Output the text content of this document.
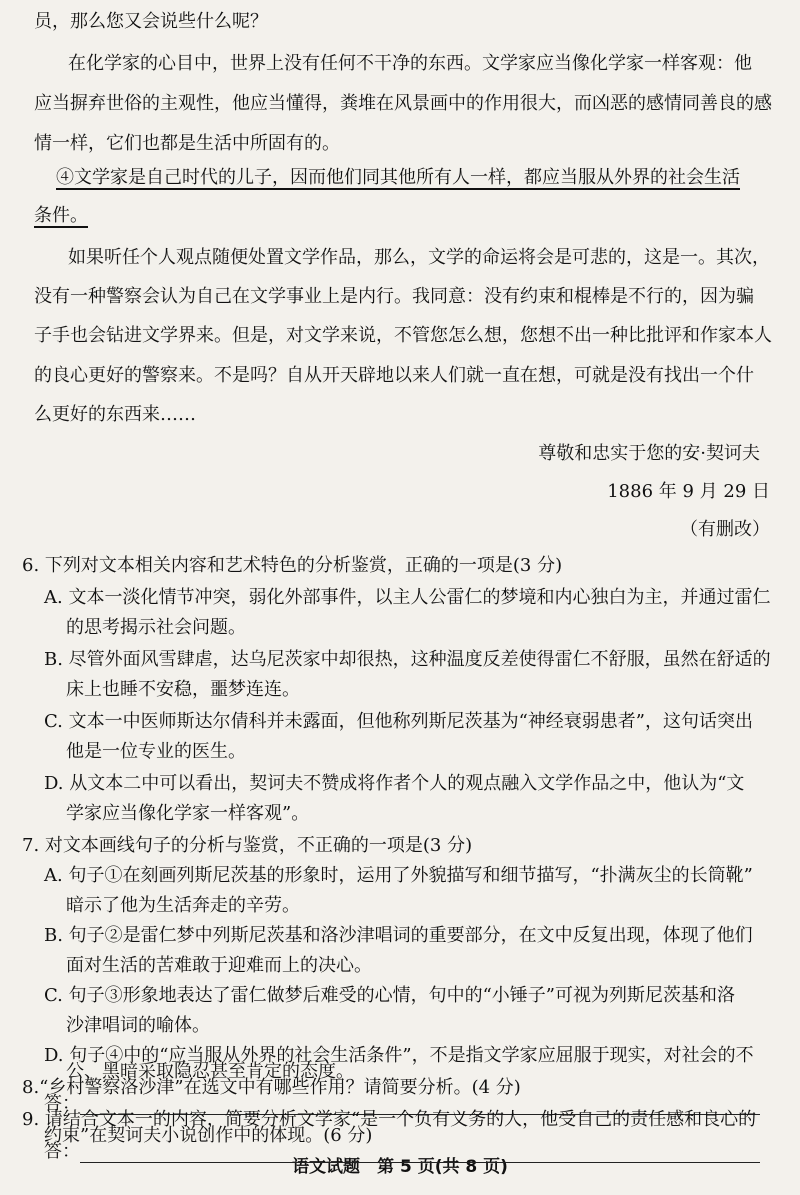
员，那么您又会说些什么呢？
在化学家的心目中，世界上没有任何不干净的东西。文学家应当像化学家一样客观：他
应当摒弃世俗的主观性，他应当懂得，粪堆在风景画中的作用很大，而凶恶的感情同善良的感
情一样，它们也都是生活中所固有的。
④文学家是自己时代的儿子，因而他们同其他所有人一样，都应当服从外界的社会生活
条件。
如果听任个人观点随便处置文学作品，那么，文学的命运将会是可悲的，这是一。其次，
没有一种警察会认为自己在文学事业上是内行。我同意：没有约束和棍棒是不行的，因为骗
子手也会钻进文学界来。但是，对文学来说，不管您怎么想，您想不出一种比批评和作家本人
的良心更好的警察来。不是吗？自从开天辟地以来人们就一直在想，可就是没有找出一个什
么更好的东西来……
尊敬和忠实于您的安·契诃夫
1886 年 9 月 29 日
（有删改）
6. 下列对文本相关内容和艺术特色的分析鉴赏，正确的一项是(3 分)
A. 文本一淡化情节冲突，弱化外部事件，以主人公雷仁的梦境和内心独白为主，并通过雷仁
的思考揭示社会问题。
B. 尽管外面风雪肆虐，达乌尼茨家中却很热，这种温度反差使得雷仁不舒服，虽然在舒适的
床上也睡不安稳，噩梦连连。
C. 文本一中医师斯达尔倩科并未露面，但他称列斯尼茨基为“神经衰弱患者”，这句话突出
他是一位专业的医生。
D. 从文本二中可以看出，契诃夫不赞成将作者个人的观点融入文学作品之中，他认为“文
学家应当像化学家一样客观”。
7. 对文本画线句子的分析与鉴赏，不正确的一项是(3 分)
A. 句子①在刻画列斯尼茨基的形象时，运用了外貌描写和细节描写，“扑满灰尘的长筒靴”
暗示了他为生活奔走的辛劳。
B. 句子②是雷仁梦中列斯尼茨基和洛沙津唱词的重要部分，在文中反复出现，体现了他们
面对生活的苦难敢于迎难而上的决心。
C. 句子③形象地表达了雷仁做梦后难受的心情，句中的“小锤子”可视为列斯尼茨基和洛
沙津唱词的喻体。
语文试题　第 5 页(共 8 页)
D. 句子④中的“应当服从外界的社会生活条件”，不是指文学家应屈服于现实，对社会的不
公、黑暗采取隐忍甚至肯定的态度。
8.“乡村警察洛沙津”在选文中有哪些作用？请简要分析。(4 分)
答：
9. 请结合文本一的内容，简要分析文学家“是一个负有义务的人，他受自己的责任感和良心的
约束”在契诃夫小说创作中的体现。(6 分)
答：
